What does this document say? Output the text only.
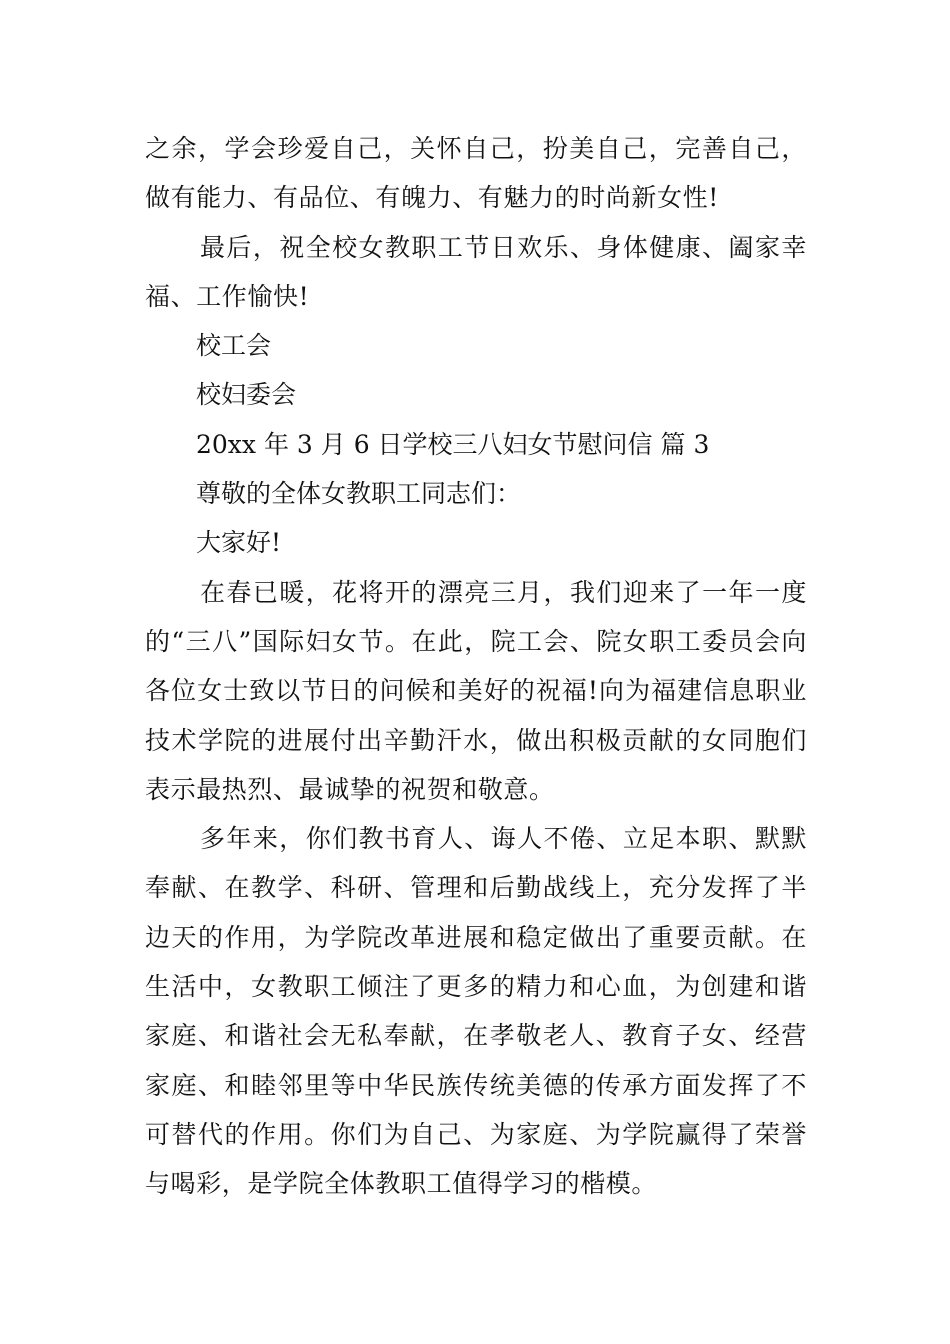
之余，学会珍爱自己，关怀自己，扮美自己，完善自己，做有能力、有品位、有魄力、有魅力的时尚新女性!

最后，祝全校女教职工节日欢乐、身体健康、阖家幸福、工作愉快!

校工会

校妇委会

20xx 年 3 月 6 日学校三八妇女节慰问信 篇 3

尊敬的全体女教职工同志们：

大家好!

在春已暖，花将开的漂亮三月，我们迎来了一年一度的“三八”国际妇女节。在此，院工会、院女职工委员会向各位女士致以节日的问候和美好的祝福!向为福建信息职业技术学院的进展付出辛勤汗水，做出积极贡献的女同胞们表示最热烈、最诚挚的祝贺和敬意。

多年来，你们教书育人、诲人不倦、立足本职、默默奉献、在教学、科研、管理和后勤战线上，充分发挥了半边天的作用，为学院改革进展和稳定做出了重要贡献。在生活中，女教职工倾注了更多的精力和心血，为创建和谐家庭、和谐社会无私奉献，在孝敬老人、教育子女、经营家庭、和睦邻里等中华民族传统美德的传承方面发挥了不可替代的作用。你们为自己、为家庭、为学院赢得了荣誉与喝彩，是学院全体教职工值得学习的楷模。
